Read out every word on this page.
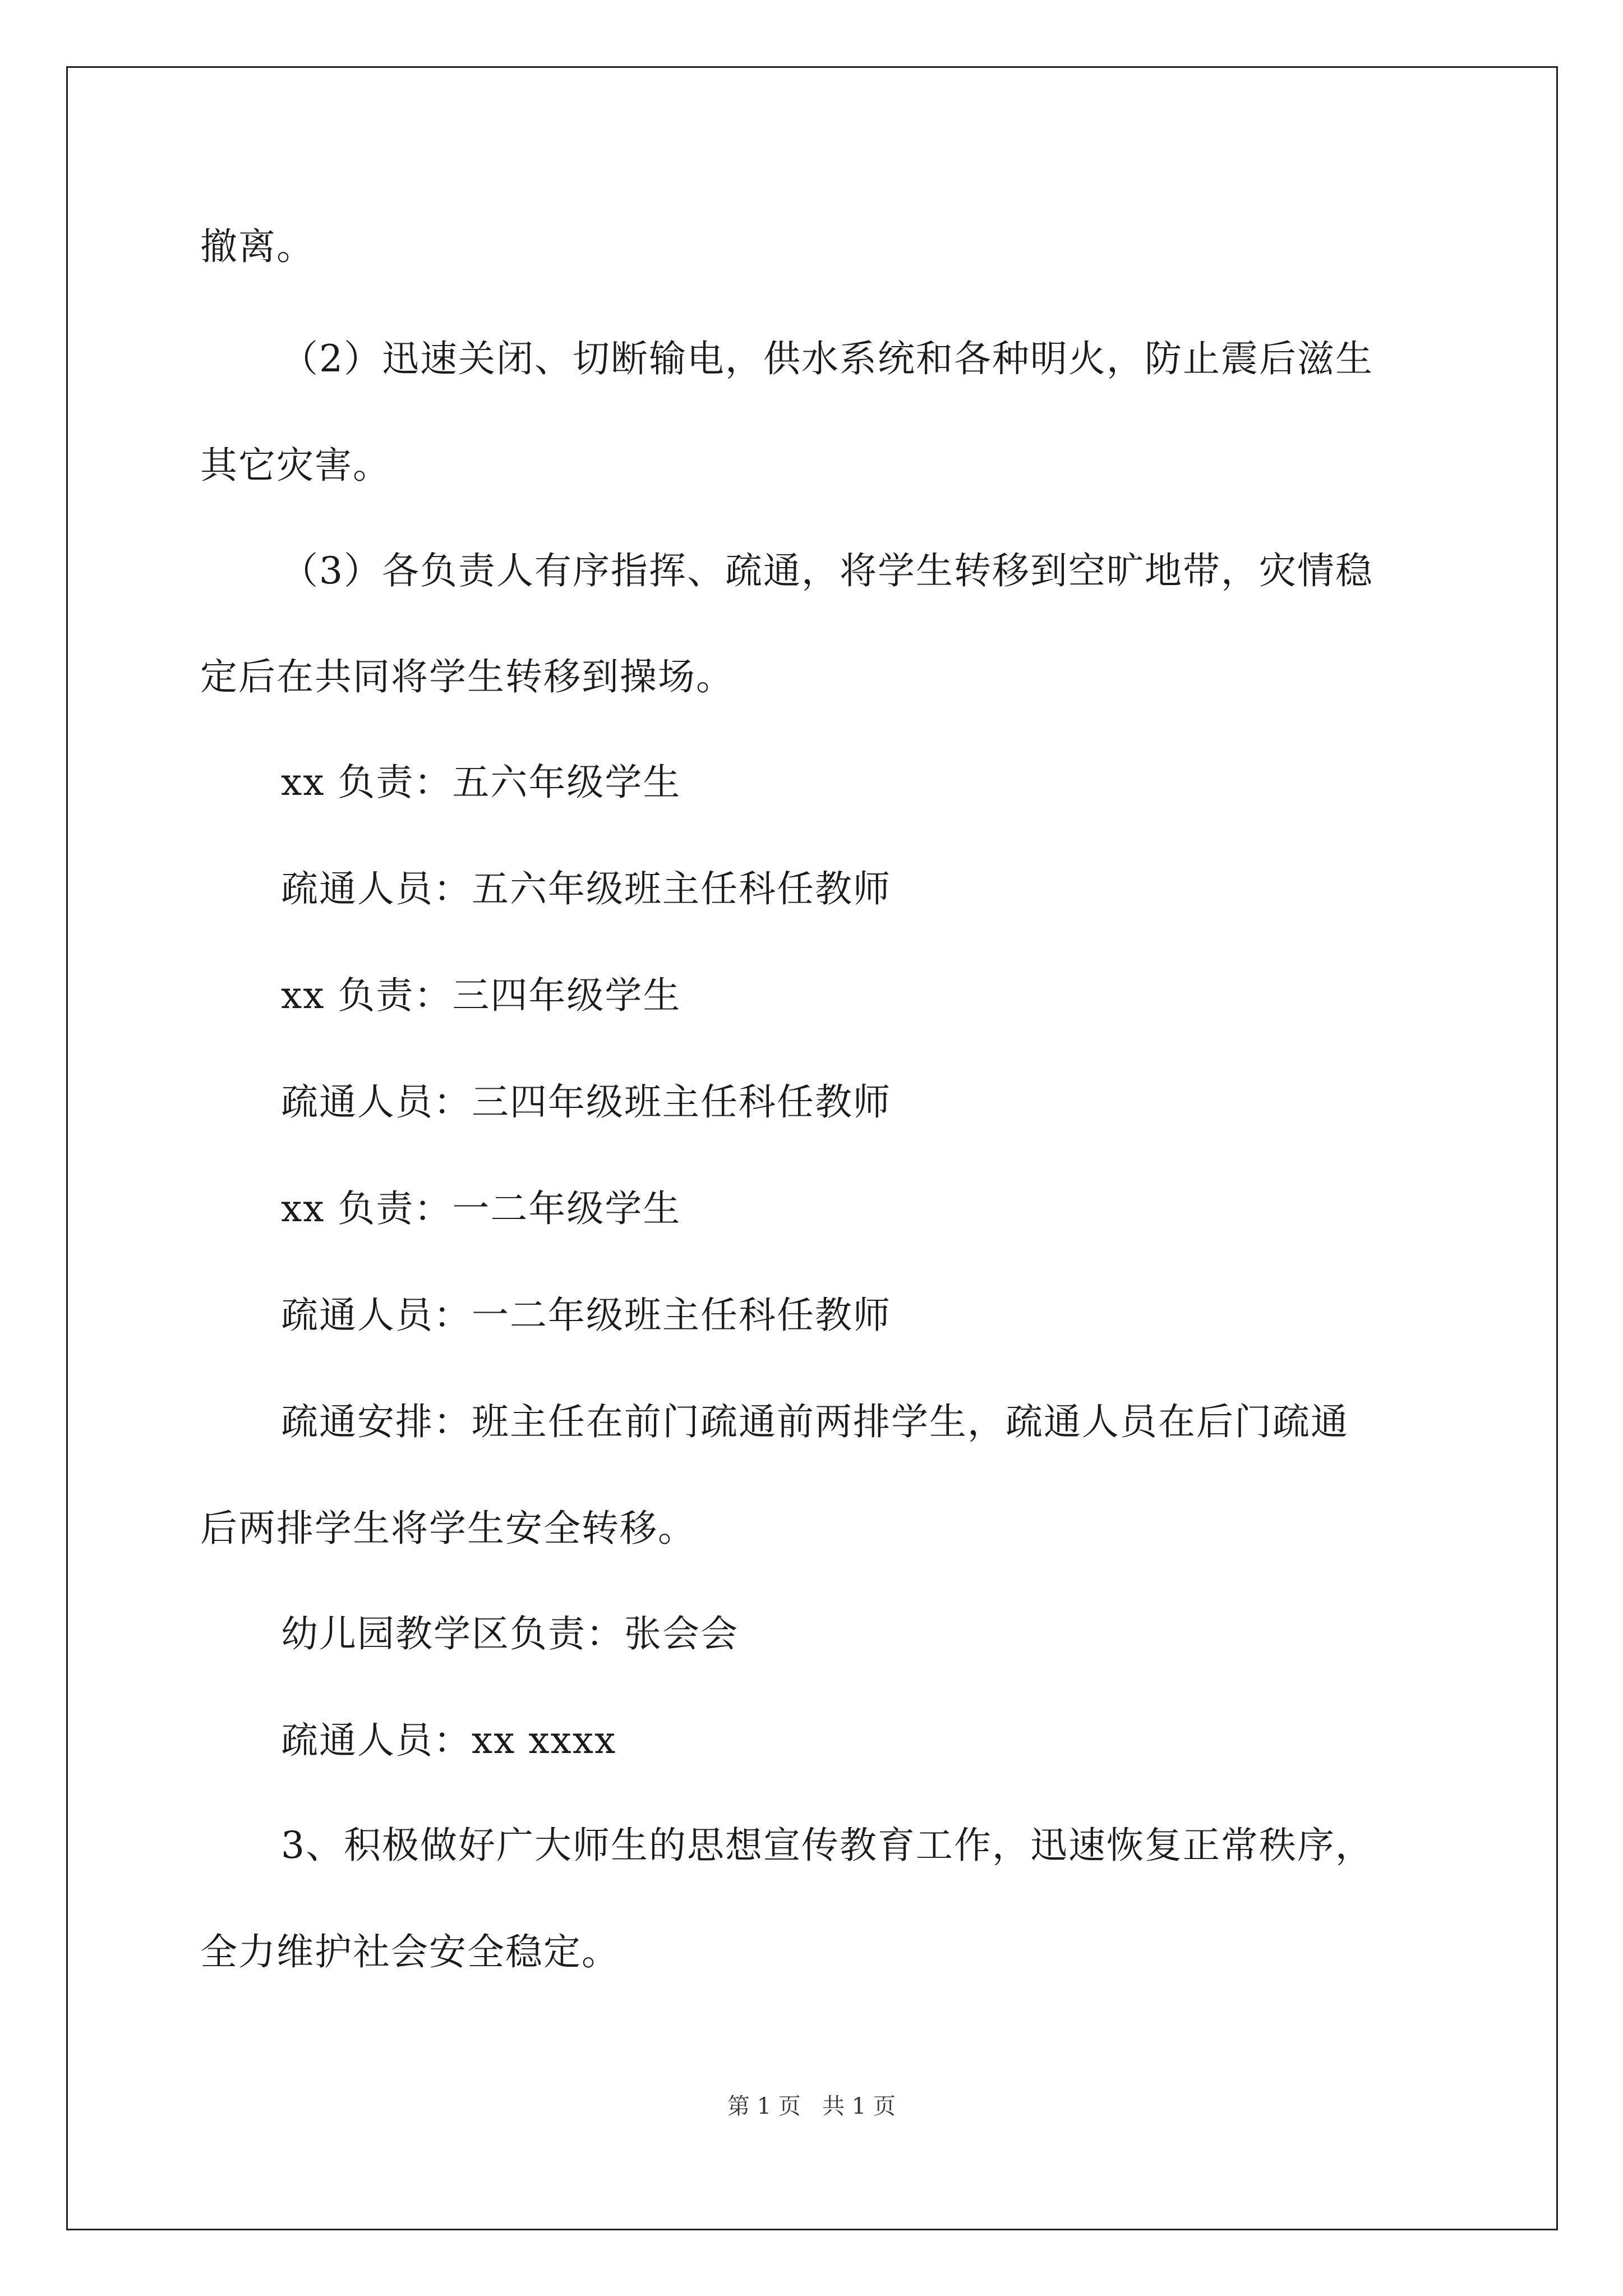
撤离。
（2）迅速关闭、切断输电，供水系统和各种明火，防止震后滋生
其它灾害。
（3）各负责人有序指挥、疏通，将学生转移到空旷地带，灾情稳
定后在共同将学生转移到操场。
xx 负责：五六年级学生
疏通人员：五六年级班主任科任教师
xx 负责：三四年级学生
疏通人员：三四年级班主任科任教师
xx 负责：一二年级学生
疏通人员：一二年级班主任科任教师
疏通安排：班主任在前门疏通前两排学生，疏通人员在后门疏通
后两排学生将学生安全转移。
幼儿园教学区负责：张会会
疏通人员：xx xxxx
3、积极做好广大师生的思想宣传教育工作，迅速恢复正常秩序，
全力维护社会安全稳定。
第 1 页   共 1 页
